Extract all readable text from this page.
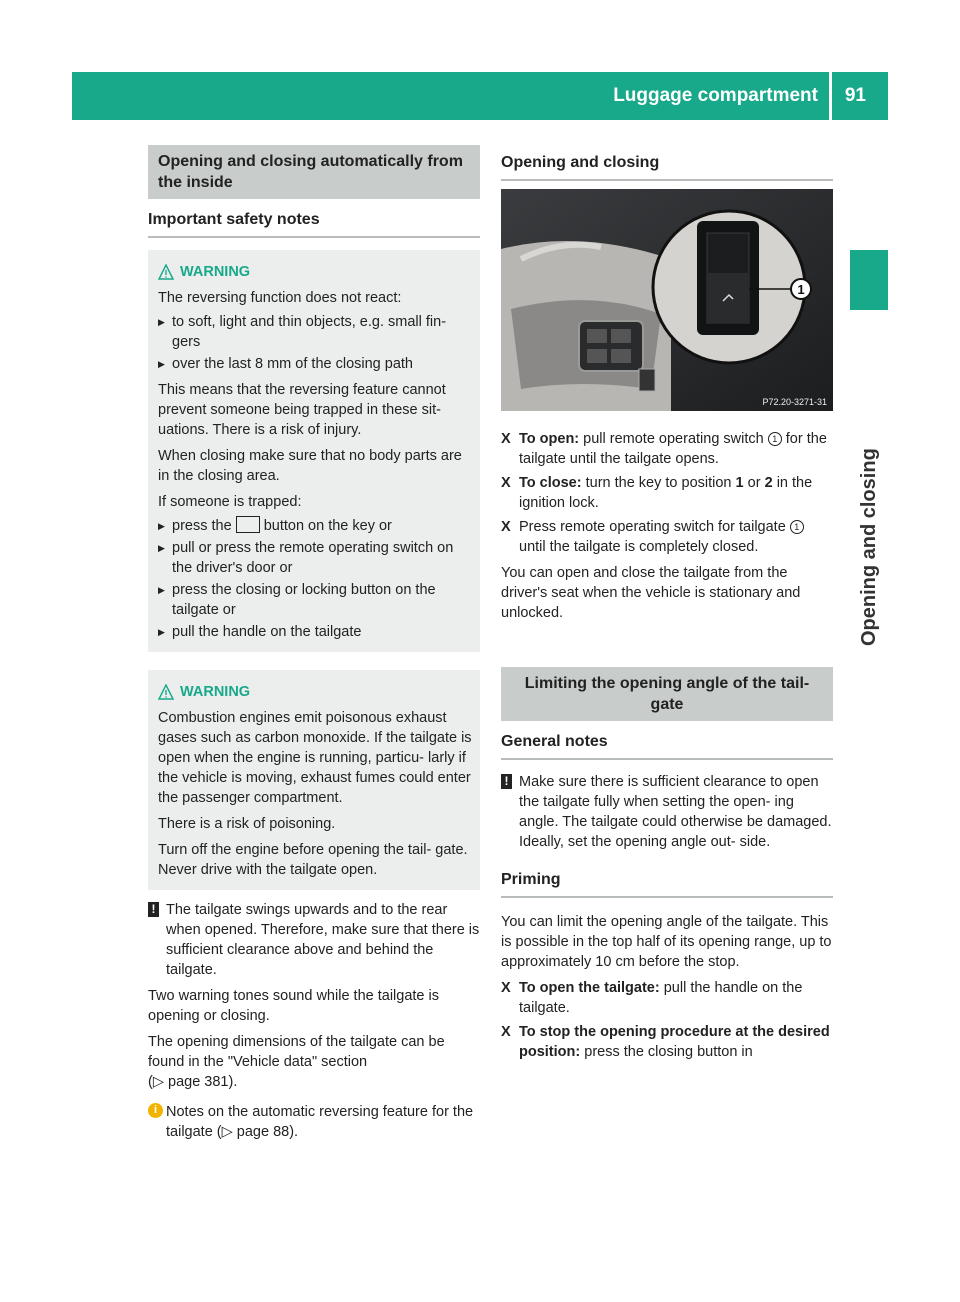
Luggage compartment 91
Opening and closing
Opening and closing automatically from the inside
Important safety notes
WARNING

The reversing function does not react:

▶ to soft, light and thin objects, e.g. small fin- gers
▶ over the last 8 mm of the closing path

This means that the reversing feature cannot prevent someone being trapped in these sit- uations. There is a risk of injury.

When closing make sure that no body parts are in the closing area.

If someone is trapped:

▶ press the button on the key or
▶ pull or press the remote operating switch on the driver's door or
▶ press the closing or locking button on the tailgate or
▶ pull the handle on the tailgate
WARNING

Combustion engines emit poisonous exhaust gases such as carbon monoxide. If the tailgate is open when the engine is running, particu- larly if the vehicle is moving, exhaust fumes could enter the passenger compartment.

There is a risk of poisoning.

Turn off the engine before opening the tail- gate. Never drive with the tailgate open.

! The tailgate swings upwards and to the rear when opened. Therefore, make sure that there is sufficient clearance above and behind the tailgate.
Two warning tones sound while the tailgate is opening or closing.
The opening dimensions of the tailgate can be found in the "Vehicle data" section
(▷ page 381).
i Notes on the automatic reversing feature for the tailgate (▷ page 88).
Opening and closing
1
P72.20-3271-31
X To open: pull remote operating switch 1 for the tailgate until the tailgate opens.
X To close: turn the key to position 1 or 2 in the ignition lock.
X Press remote operating switch for tailgate 1 until the tailgate is completely closed.
You can open and close the tailgate from the driver's seat when the vehicle is stationary and unlocked.
Limiting the opening angle of the tail- gate
General notes
! Make sure there is sufficient clearance to open the tailgate fully when setting the open- ing angle. The tailgate could otherwise be damaged. Ideally, set the opening angle out- side.
Priming
You can limit the opening angle of the tailgate. This is possible in the top half of its opening range, up to approximately 10 cm before the stop.
X To open the tailgate: pull the handle on the tailgate.
X To stop the opening procedure at the desired position: press the closing button in
